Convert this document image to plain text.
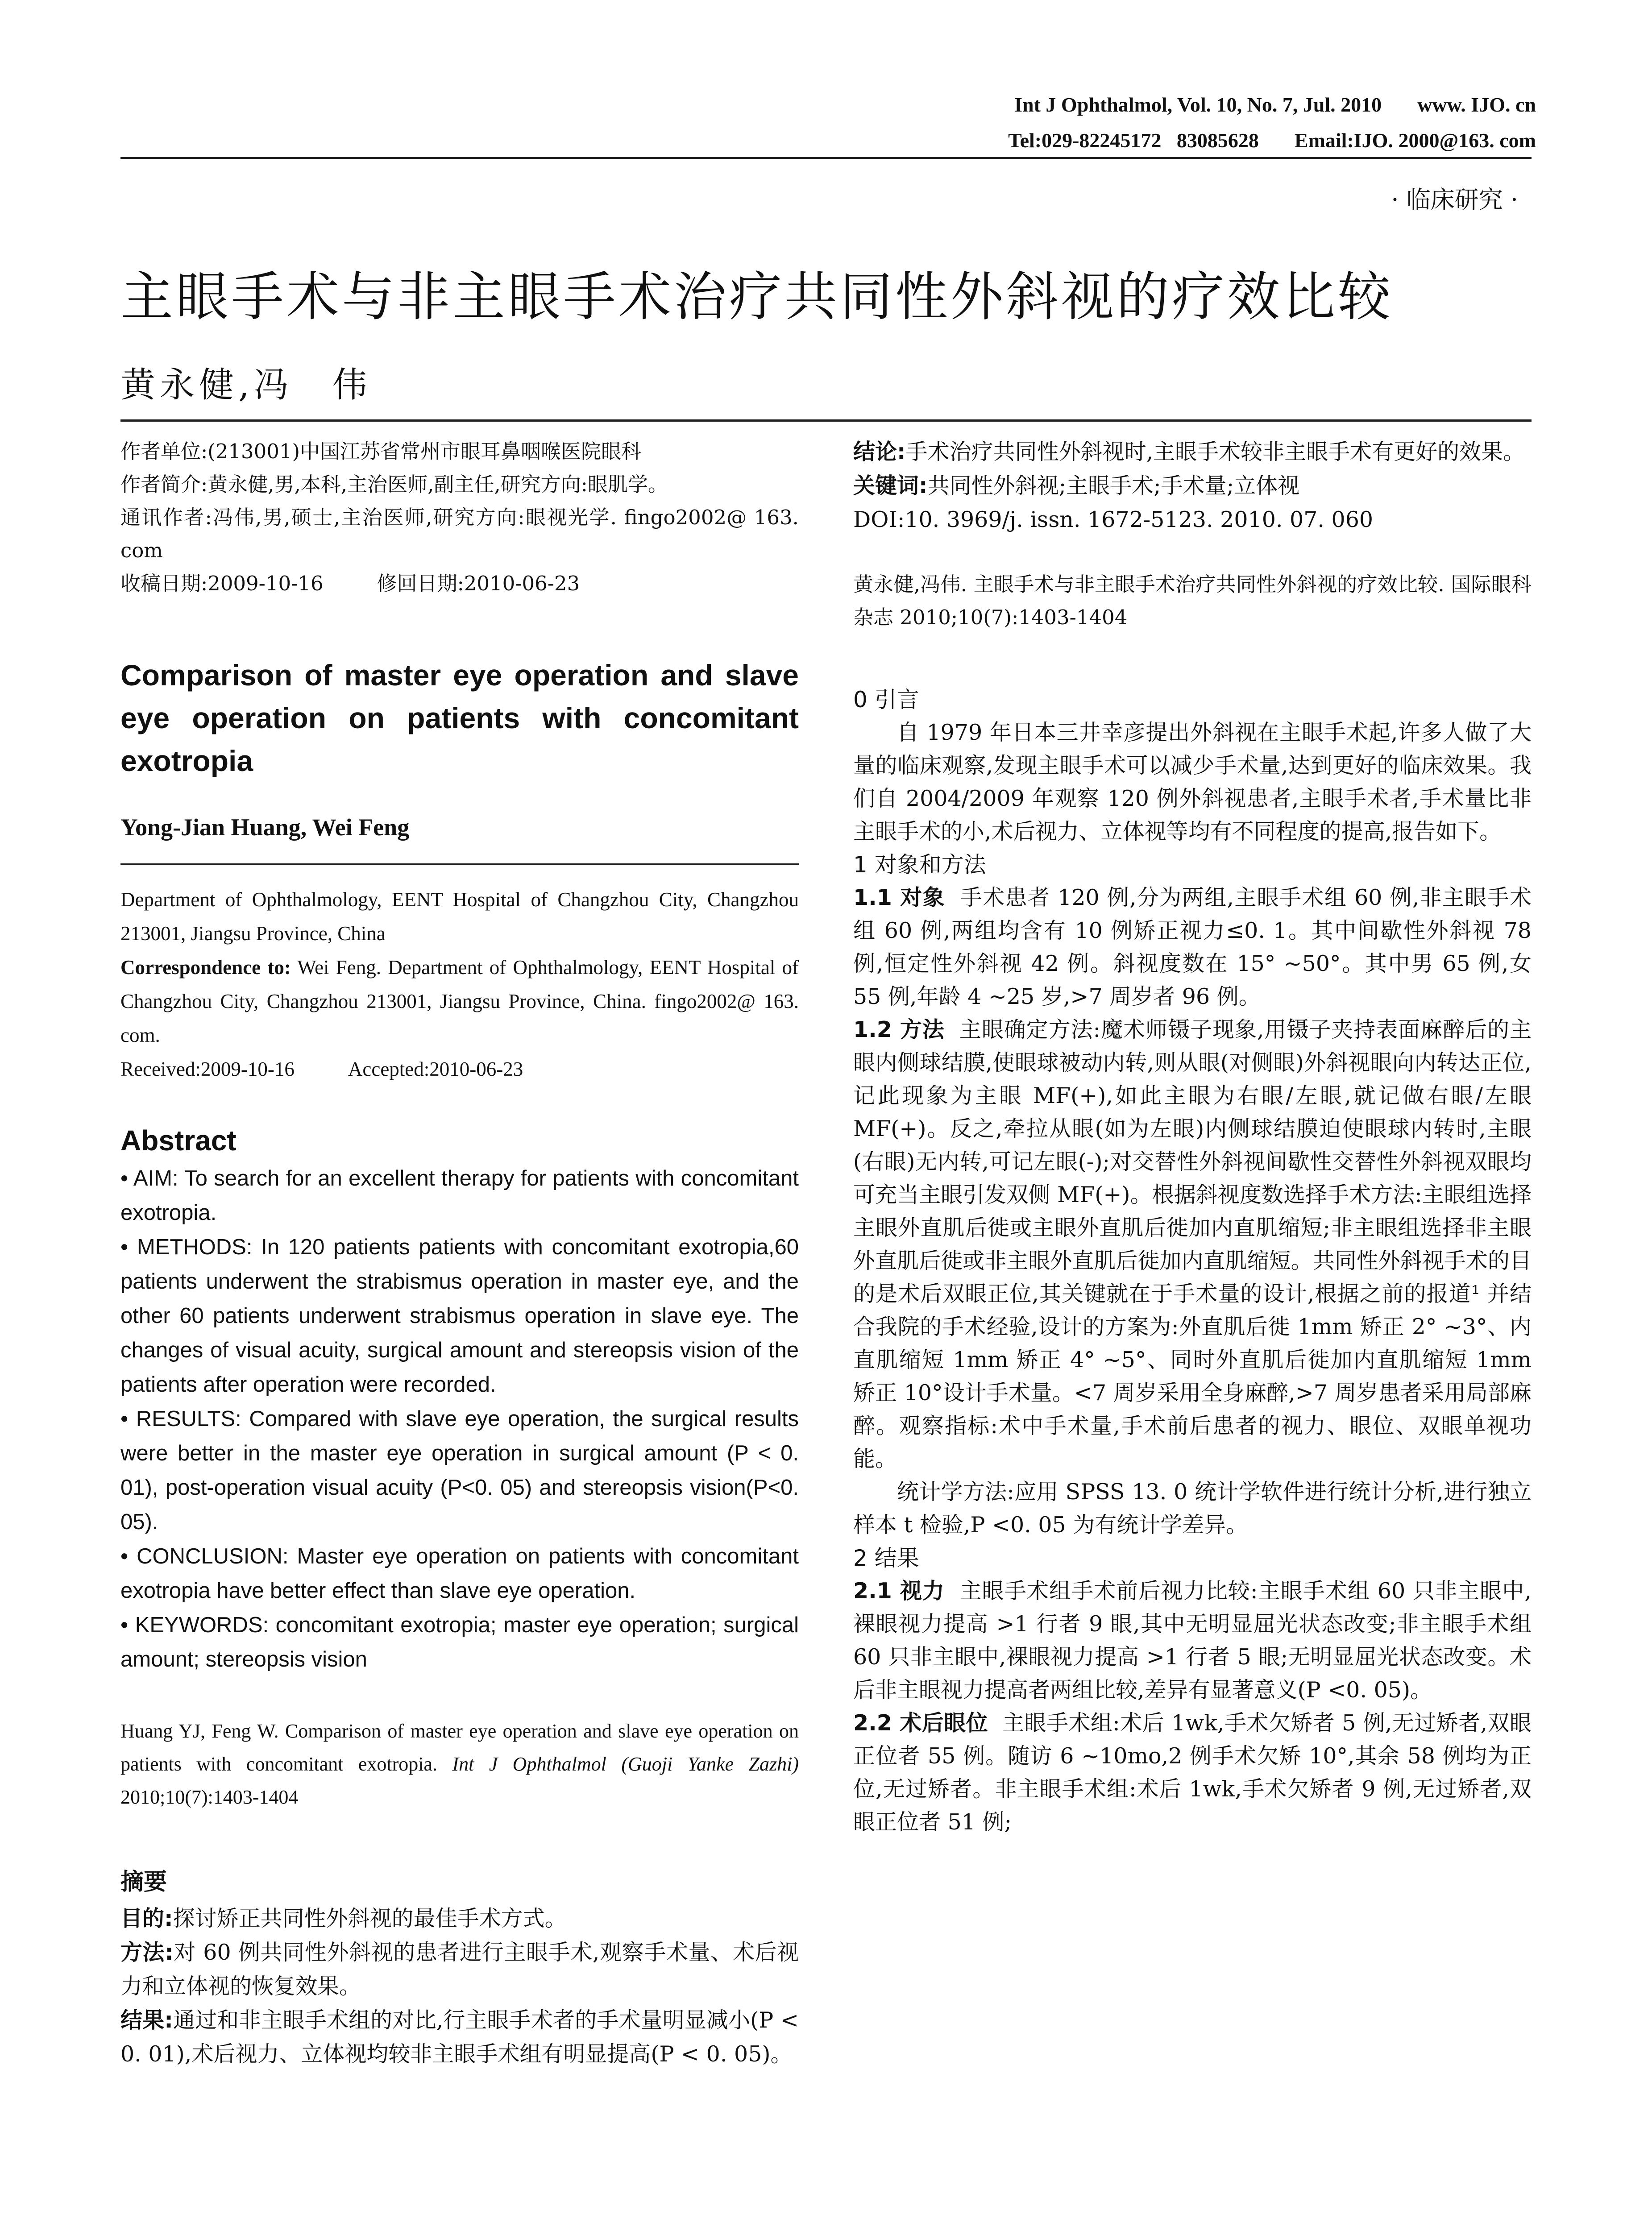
Int J Ophthalmol, Vol. 10, No. 7, Jul. 2010 www. IJO. cn
Tel:029-82245172 83085628 Email:IJO. 2000@163. com
· 临床研究 ·
主眼手术与非主眼手术治疗共同性外斜视的疗效比较
黄永健,冯　伟

作者单位:(213001)中国江苏省常州市眼耳鼻咽喉医院眼科

作者简介:黄永健,男,本科,主治医师,副主任,研究方向:眼肌学。

通讯作者:冯伟,男,硕士,主治医师,研究方向:眼视光学. fingo2002@ 163. com

收稿日期:2009-10-16	修回日期:2010-06-23

Comparison of master eye operation and slave eye operation on patients with concomitant exotropia
Yong-Jian Huang, Wei Feng

Department of Ophthalmology, EENT Hospital of Changzhou City, Changzhou 213001, Jiangsu Province, China

Correspondence to: Wei Feng. Department of Ophthalmology, EENT Hospital of Changzhou City, Changzhou 213001, Jiangsu Province, China. fingo2002@ 163. com.

Received:2009-10-16	Accepted:2010-06-23

Abstract

• AIM: To search for an excellent therapy for patients with concomitant exotropia.

• METHODS: In 120 patients patients with concomitant exotropia,60 patients underwent the strabismus operation in master eye, and the other 60 patients underwent strabismus operation in slave eye. The changes of visual acuity, surgical amount and stereopsis vision of the patients after operation were recorded.

• RESULTS: Compared with slave eye operation, the surgical results were better in the master eye operation in surgical amount (P < 0. 01), post-operation visual acuity (P<0. 05) and stereopsis vision(P<0. 05).

• CONCLUSION: Master eye operation on patients with concomitant exotropia have better effect than slave eye operation.

• KEYWORDS: concomitant exotropia; master eye operation; surgical amount; stereopsis vision

Huang YJ, Feng W. Comparison of master eye operation and slave eye operation on patients with concomitant exotropia. Int J Ophthalmol (Guoji Yanke Zazhi) 2010;10(7):1403-1404
摘要

目的:探讨矫正共同性外斜视的最佳手术方式。

方法:对 60 例共同性外斜视的患者进行主眼手术,观察手术量、术后视力和立体视的恢复效果。

结果:通过和非主眼手术组的对比,行主眼手术者的手术量明显减小(P < 0. 01),术后视力、立体视均较非主眼手术组有明显提高(P < 0. 05)。

结论:手术治疗共同性外斜视时,主眼手术较非主眼手术有更好的效果。

关键词:共同性外斜视;主眼手术;手术量;立体视

DOI:10. 3969/j. issn. 1672-5123. 2010. 07. 060

黄永健,冯伟. 主眼手术与非主眼手术治疗共同性外斜视的疗效比较. 国际眼科杂志 2010;10(7):1403-1404

0 引言

自 1979 年日本三井幸彦提出外斜视在主眼手术起,许多人做了大量的临床观察,发现主眼手术可以减少手术量,达到更好的临床效果。我们自 2004/2009 年观察 120 例外斜视患者,主眼手术者,手术量比非主眼手术的小,术后视力、立体视等均有不同程度的提高,报告如下。

1 对象和方法

1.1 对象 手术患者 120 例,分为两组,主眼手术组 60 例,非主眼手术组 60 例,两组均含有 10 例矫正视力≤0. 1。其中间歇性外斜视 78 例,恒定性外斜视 42 例。斜视度数在 15° ~50°。其中男 65 例,女 55 例,年龄 4 ~25 岁,>7 周岁者 96 例。

1.2 方法 主眼确定方法:魔术师镊子现象,用镊子夹持表面麻醉后的主眼内侧球结膜,使眼球被动内转,则从眼(对侧眼)外斜视眼向内转达正位,记此现象为主眼 MF(+),如此主眼为右眼/左眼,就记做右眼/左眼 MF(+)。反之,牵拉从眼(如为左眼)内侧球结膜迫使眼球内转时,主眼(右眼)无内转,可记左眼(-);对交替性外斜视间歇性交替性外斜视双眼均可充当主眼引发双侧 MF(+)。根据斜视度数选择手术方法:主眼组选择主眼外直肌后徙或主眼外直肌后徙加内直肌缩短;非主眼组选择非主眼外直肌后徙或非主眼外直肌后徙加内直肌缩短。共同性外斜视手术的目的是术后双眼正位,其关键就在于手术量的设计,根据之前的报道¹ 并结合我院的手术经验,设计的方案为:外直肌后徙 1mm 矫正 2° ~3°、内直肌缩短 1mm 矫正 4° ~5°、同时外直肌后徙加内直肌缩短 1mm 矫正 10°设计手术量。<7 周岁采用全身麻醉,>7 周岁患者采用局部麻醉。观察指标:术中手术量,手术前后患者的视力、眼位、双眼单视功能。

统计学方法:应用 SPSS 13. 0 统计学软件进行统计分析,进行独立样本 t 检验,P <0. 05 为有统计学差异。

2 结果

2.1 视力 主眼手术组手术前后视力比较:主眼手术组 60 只非主眼中,裸眼视力提高 >1 行者 9 眼,其中无明显屈光状态改变;非主眼手术组 60 只非主眼中,裸眼视力提高 >1 行者 5 眼;无明显屈光状态改变。术后非主眼视力提高者两组比较,差异有显著意义(P <0. 05)。

2.2 术后眼位 主眼手术组:术后 1wk,手术欠矫者 5 例,无过矫者,双眼正位者 55 例。随访 6 ~10mo,2 例手术欠矫 10°,其余 58 例均为正位,无过矫者。非主眼手术组:术后 1wk,手术欠矫者 9 例,无过矫者,双眼正位者 51 例;
